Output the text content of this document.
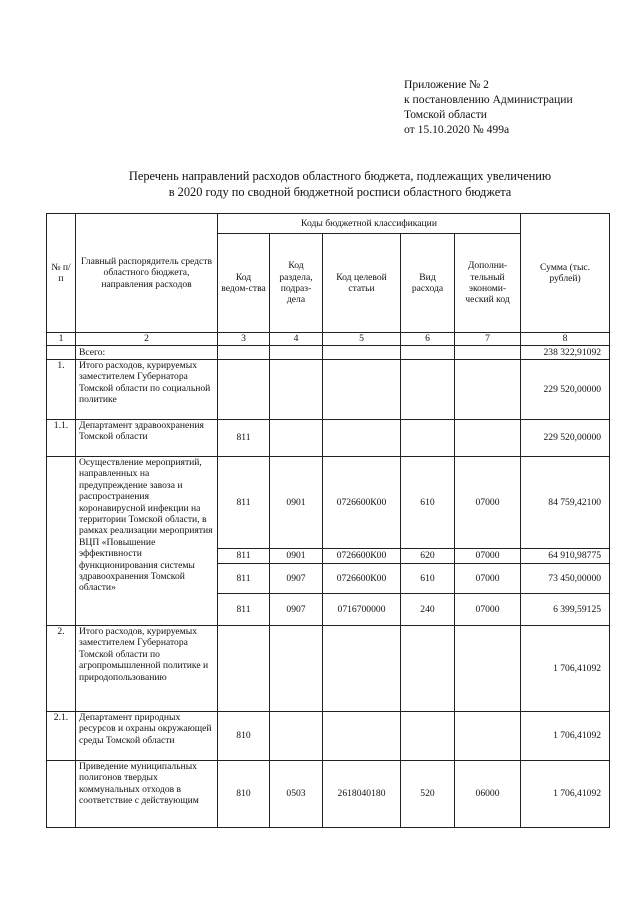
Приложение № 2
к постановлению Администрации
Томской области
от 15.10.2020 № 499а
Перечень направлений расходов областного бюджета, подлежащих увеличению
в 2020 году по сводной бюджетной росписи областного бюджета
№ п/п	Главный распорядитель средств областного бюджета, направления расходов	Коды бюджетной классификации					Сумма (тыс. рублей)
		Код ведом-ства	Код раздела, подраз-дела	Код целевой статьи	Вид расхода	Дополни-тельный экономи-ческий код	
1	2	3	4	5	6	7	8
	Всего:						238 322,91092
1.	Итого расходов, курируемых заместителем Губернатора Томской области по социальной политике						229 520,00000
1.1.	Департамент здравоохранения Томской области	811					229 520,00000
	Осуществление мероприятий, направленных на предупреждение завоза и распространения коронавирусной инфекции на территории Томской области, в рамках реализации мероприятия ВЦП «Повышение эффективности функционирования системы здравоохранения Томской области»	811	0901	0726600К00	610	07000	84 759,42100
		811	0901	0726600К00	620	07000	64 910,98775
		811	0907	0726600К00	610	07000	73 450,00000
		811	0907	0716700000	240	07000	6 399,59125
2.	Итого расходов, курируемых заместителем Губернатора Томской области по агропромышленной политике и природопользованию						1 706,41092
2.1.	Департамент природных ресурсов и охраны окружающей среды Томской области	810					1 706,41092
	Приведение муниципальных полигонов твердых коммунальных отходов в соответствие с действующим	810	0503	2618040180	520	06000	1 706,41092
